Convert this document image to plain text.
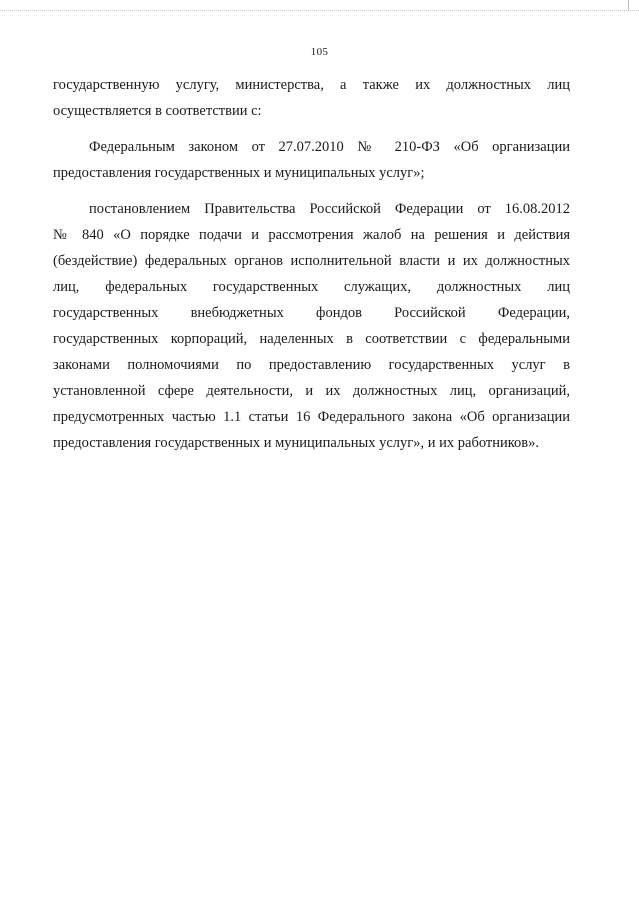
105
государственную услугу, министерства, а также их должностных лиц
осуществляется в соответствии с:
Федеральным законом от 27.07.2010 № 210-ФЗ «Об организации
предоставления государственных и муниципальных услуг»;
постановлением Правительства Российской Федерации от 16.08.2012
№ 840 «О порядке подачи и рассмотрения жалоб на решения и действия
(бездействие) федеральных органов исполнительной власти и их должностных
лиц, федеральных государственных служащих, должностных лиц
государственных внебюджетных фондов Российской Федерации,
государственных корпораций, наделенных в соответствии с федеральными
законами полномочиями по предоставлению государственных услуг в
установленной сфере деятельности, и их должностных лиц, организаций,
предусмотренных частью 1.1 статьи 16 Федерального закона «Об организации
предоставления государственных и муниципальных услуг», и их работников».
